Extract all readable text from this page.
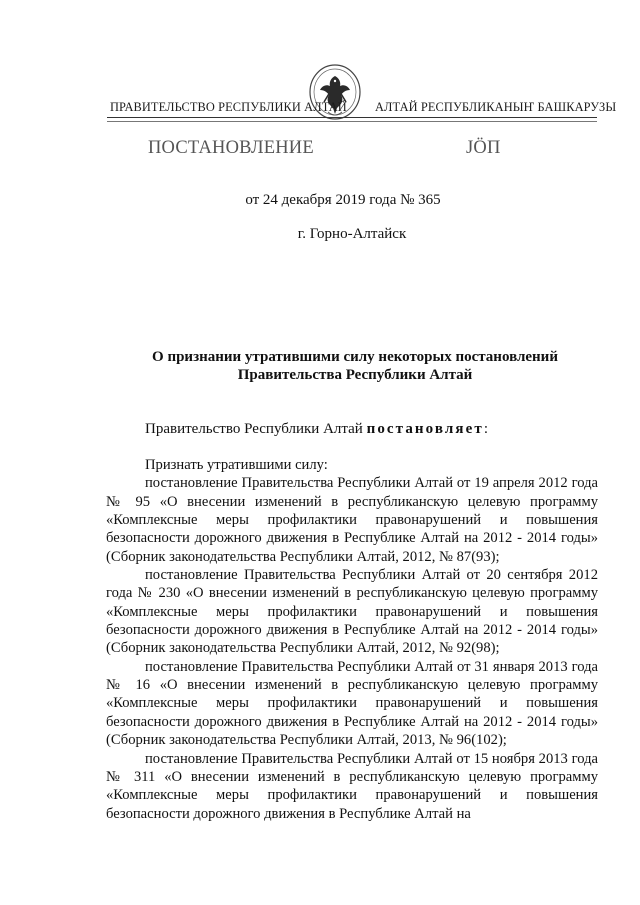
ПРАВИТЕЛЬСТВО РЕСПУБЛИКИ АЛТАЙ АЛТАЙ РЕСПУБЛИКАНЫҤ БАШКАРУЗЫ
ПОСТАНОВЛЕНИЕ	ЈӦП
от 24 декабря 2019 года № 365
г. Горно-Алтайск
О признании утратившими силу некоторых постановлений
Правительства Республики Алтай
Правительство Республики Алтай постановляет:

Признать утратившими силу:

постановление Правительства Республики Алтай от 19 апреля 2012 года № 95 «О внесении изменений в республиканскую целевую программу «Комплексные меры профилактики правонарушений и повышения безопасности дорожного движения в Республике Алтай на 2012 - 2014 годы» (Сборник законодательства Республики Алтай, 2012, № 87(93);

постановление Правительства Республики Алтай от 20 сентября 2012 года № 230 «О внесении изменений в республиканскую целевую программу «Комплексные меры профилактики правонарушений и повышения безопасности дорожного движения в Республике Алтай на 2012 - 2014 годы» (Сборник законодательства Республики Алтай, 2012, № 92(98);

постановление Правительства Республики Алтай от 31 января 2013 года № 16 «О внесении изменений в республиканскую целевую программу «Комплексные меры профилактики правонарушений и повышения безопасности дорожного движения в Республике Алтай на 2012 - 2014 годы» (Сборник законодательства Республики Алтай, 2013, № 96(102);

постановление Правительства Республики Алтай от 15 ноября 2013 года № 311 «О внесении изменений в республиканскую целевую программу «Комплексные меры профилактики правонарушений и повышения безопасности дорожного движения в Республике Алтай на
